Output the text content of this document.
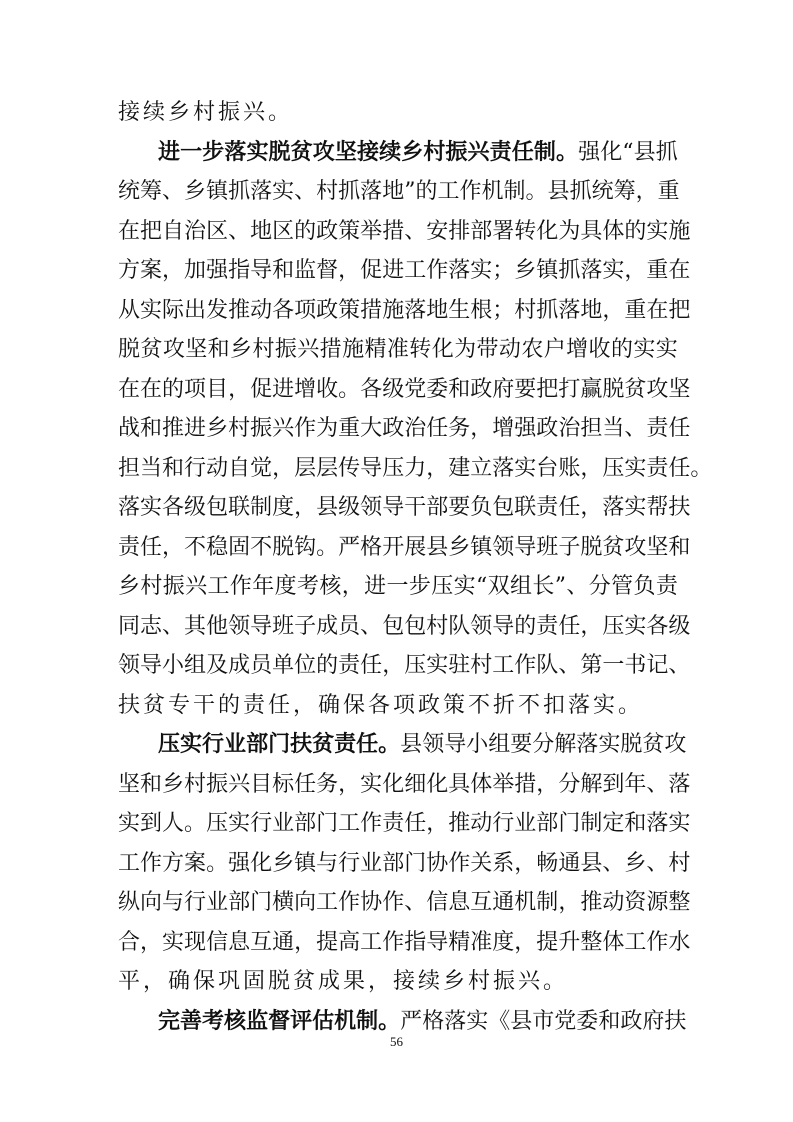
接续乡村振兴。
进 一 步 落 实 脱 贫 攻 坚 接 续 乡 村 振 兴 责 任 制 。 强 化 “ 县 抓
统 筹 、 乡 镇 抓 落 实 、 村 抓 落 地 ” 的 工 作 机 制 。 县 抓 统 筹 ， 重
在 把 自 治 区 、 地 区 的 政 策 举 措 、 安 排 部 署 转 化 为 具 体 的 实 施
方 案 ， 加 强 指 导 和 监 督 ， 促 进 工 作 落 实 ； 乡 镇 抓 落 实 ， 重 在
从 实 际 出 发 推 动 各 项 政 策 措 施 落 地 生 根 ； 村 抓 落 地 ， 重 在 把
脱 贫 攻 坚 和 乡 村 振 兴 措 施 精 准 转 化 为 带 动 农 户 增 收 的 实 实
在 在 的 项 目 ， 促 进 增 收 。 各 级 党 委 和 政 府 要 把 打 赢 脱 贫 攻 坚
战 和 推 进 乡 村 振 兴 作 为 重 大 政 治 任 务 ， 增 强 政 治 担 当 、 责 任
担 当 和 行 动 自 觉 ， 层 层 传 导 压 力 ， 建 立 落 实 台 账 ， 压 实 责 任 。
落 实 各 级 包 联 制 度 ， 县 级 领 导 干 部 要 负 包 联 责 任 ， 落 实 帮 扶
责 任 ， 不 稳 固 不 脱 钩 。 严 格 开 展 县 乡 镇 领 导 班 子 脱 贫 攻 坚 和
乡 村 振 兴 工 作 年 度 考 核 ， 进 一 步 压 实 “ 双 组 长 ” 、 分 管 负 责
同 志 、 其 他 领 导 班 子 成 员 、 包 包 村 队 领 导 的 责 任 ， 压 实 各 级
领 导 小 组 及 成 员 单 位 的 责 任 ， 压 实 驻 村 工 作 队 、 第 一 书 记 、
扶贫专干的责任，确保各项政策不折不扣落实。
压 实 行 业 部 门 扶 贫 责 任 。 县 领 导 小 组 要 分 解 落 实 脱 贫 攻
坚 和 乡 村 振 兴 目 标 任 务 ， 实 化 细 化 具 体 举 措 ， 分 解 到 年 、 落
实 到 人 。 压 实 行 业 部 门 工 作 责 任 ， 推 动 行 业 部 门 制 定 和 落 实
工 作 方 案 。 强 化 乡 镇 与 行 业 部 门 协 作 关 系 ， 畅 通 县 、 乡 、 村
纵 向 与 行 业 部 门 横 向 工 作 协 作 、 信 息 互 通 机 制 ， 推 动 资 源 整
合 ， 实 现 信 息 互 通 ， 提 高 工 作 指 导 精 准 度 ， 提 升 整 体 工 作 水
平，确保巩固脱贫成果，接续乡村振兴。
完 善 考 核 监 督 评 估 机 制 。 严 格 落 实 《 县 市 党 委 和 政 府 扶
56
